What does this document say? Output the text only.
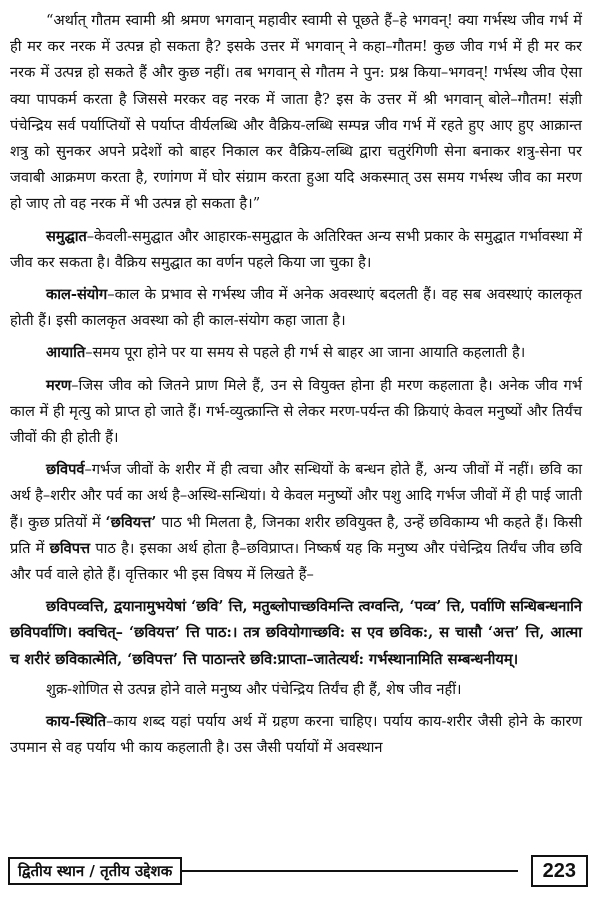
“अर्थात् गौतम स्वामी श्री श्रमण भगवान् महावीर स्वामी से पूछते हैं–हे भगवन्! क्या गर्भस्थ जीव गर्भ में ही मर कर नरक में उत्पन्न हो सकता है? इसके उत्तर में भगवान् ने कहा–गौतम! कुछ जीव गर्भ में ही मर कर नरक में उत्पन्न हो सकते हैं और कुछ नहीं। तब भगवान् से गौतम ने पुन: प्रश्न किया–भगवन्! गर्भस्थ जीव ऐसा क्या पापकर्म करता है जिससे मरकर वह नरक में जाता है? इस के उत्तर में श्री भगवान् बोले–गौतम! संज्ञी पंचेन्द्रिय सर्व पर्याप्तियों से पर्याप्त वीर्यलब्धि और वैक्रिय-लब्धि सम्पन्न जीव गर्भ में रहते हुए आए हुए आक्रान्त शत्रु को सुनकर अपने प्रदेशों को बाहर निकाल कर वैक्रिय-लब्धि द्वारा चतुरंगिणी सेना बनाकर शत्रु-सेना पर जवाबी आक्रमण करता है, रणांगण में घोर संग्राम करता हुआ यदि अकस्मात् उस समय गर्भस्थ जीव का मरण हो जाए तो वह नरक में भी उत्पन्न हो सकता है।”

समुद्घात–केवली-समुद्घात और आहारक-समुद्घात के अतिरिक्त अन्य सभी प्रकार के समुद्घात गर्भावस्था में जीव कर सकता है। वैक्रिय समुद्घात का वर्णन पहले किया जा चुका है।

काल-संयोग–काल के प्रभाव से गर्भस्थ जीव में अनेक अवस्थाएं बदलती हैं। वह सब अवस्थाएं कालकृत होती हैं। इसी कालकृत अवस्था को ही काल-संयोग कहा जाता है।

आयाति–समय पूरा होने पर या समय से पहले ही गर्भ से बाहर आ जाना आयाति कहलाती है।

मरण–जिस जीव को जितने प्राण मिले हैं, उन से वियुक्त होना ही मरण कहलाता है। अनेक जीव गर्भ काल में ही मृत्यु को प्राप्त हो जाते हैं। गर्भ-व्युत्क्रान्ति से लेकर मरण-पर्यन्त की क्रियाएं केवल मनुष्यों और तिर्यंच जीवों की ही होती हैं।

छविपर्व–गर्भज जीवों के शरीर में ही त्वचा और सन्धियों के बन्धन होते हैं, अन्य जीवों में नहीं। छवि का अर्थ है–शरीर और पर्व का अर्थ है–अस्थि-सन्धियां। ये केवल मनुष्यों और पशु आदि गर्भज जीवों में ही पाई जाती हैं। कुछ प्रतियों में ‘छवियत्त’ पाठ भी मिलता है, जिनका शरीर छवियुक्त है, उन्हें छविकाम्य भी कहते हैं। किसी प्रति में छविपत्त पाठ है। इसका अर्थ होता है–छविप्राप्त। निष्कर्ष यह कि मनुष्य और पंचेन्द्रिय तिर्यंच जीव छवि और पर्व वाले होते हैं। वृत्तिकार भी इस विषय में लिखते हैं–

छविपव्वत्ति, द्वयानामुभयेषां ‘छवि’ त्ति, मतुब्लोपाच्छविमन्ति त्वग्वन्ति, ‘पव्व’ त्ति, पर्वाणि सन्धिबन्धनानि छविपर्वाणि। क्वचित्– ‘छवियत्त’ त्ति पाठ:। तत्र छवियोगाच्छवि: स एव छविक:, स चासौ ‘अत्त’ त्ति, आत्मा च शरीरं छविकात्मेति, ‘छविपत्त’ त्ति पाठान्तरे छवि:प्राप्ता–जातेत्यर्थ: गर्भस्थानामिति सम्बन्धनीयम्।

शुक्र-शोणित से उत्पन्न होने वाले मनुष्य और पंचेन्द्रिय तिर्यंच ही हैं, शेष जीव नहीं।

काय-स्थिति–काय शब्द यहां पर्याय अर्थ में ग्रहण करना चाहिए। पर्याय काय-शरीर जैसी होने के कारण उपमान से वह पर्याय भी काय कहलाती है। उस जैसी पर्यायों में अवस्थान

द्वितीय स्थान / तृतीय उद्देशक	223
